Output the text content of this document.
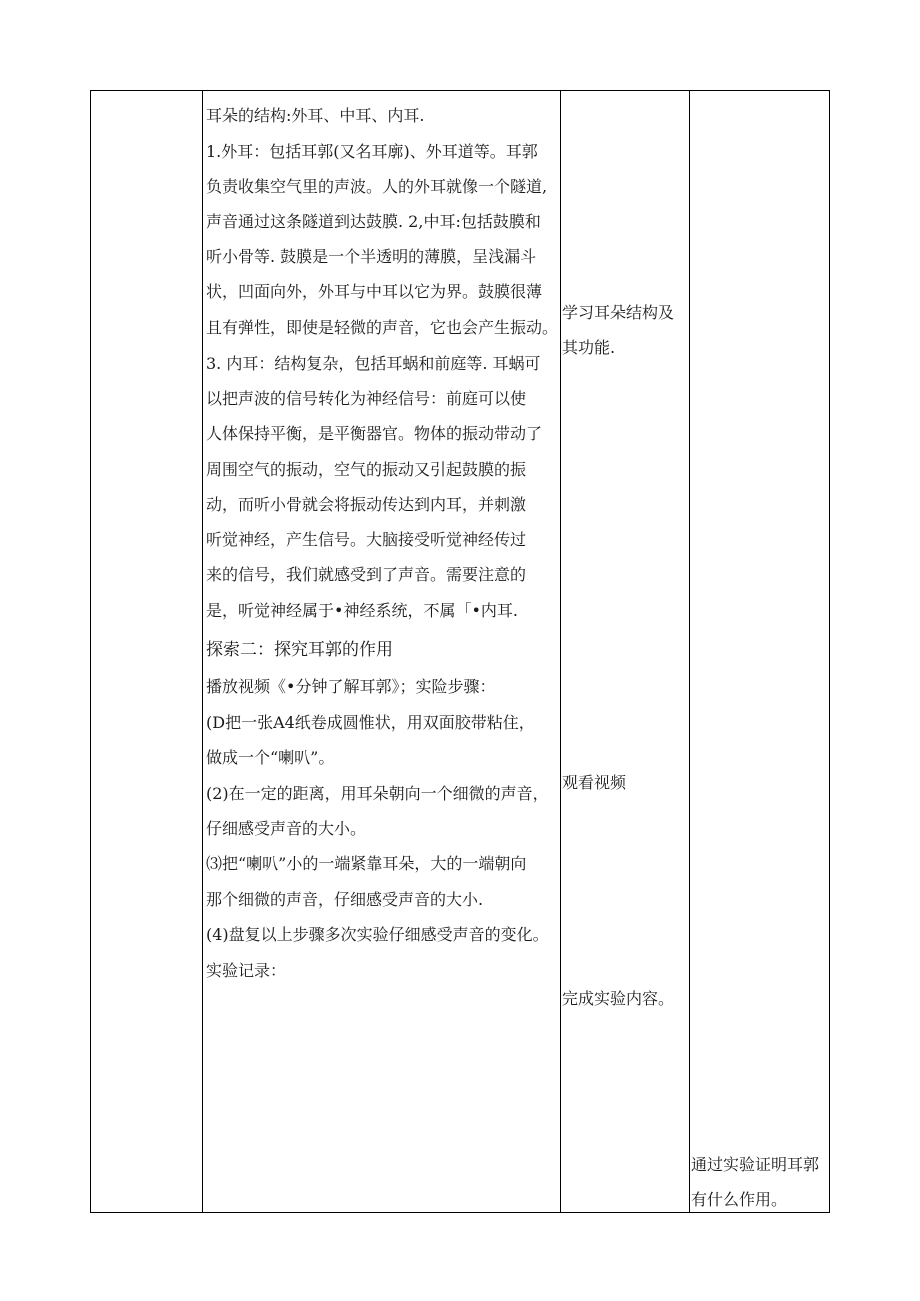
耳朵的结构:外耳、中耳、内耳.
1.外耳：包括耳郭(又名耳廓)、外耳道等。耳郭
负责收集空气里的声波。人的外耳就像一个隧道,
声音通过这条隧道到达鼓膜. 2,中耳:包括鼓膜和
听小骨等. 鼓膜是一个半透明的薄膜，呈浅漏斗
状，凹面向外，外耳与中耳以它为界。鼓膜很薄
且有弹性，即使是轻微的声音，它也会产生振动。
3. 内耳：结构复杂，包括耳蜗和前庭等. 耳蜗可
以把声波的信号转化为神经信号：前庭可以使
人体保持平衡，是平衡器官。物体的振动带动了
周围空气的振动，空气的振动又引起鼓膜的振
动，而听小骨就会将振动传达到内耳，并刺激
听觉神经，产生信号。大脑接受听觉神经传过
来的信号，我们就感受到了声音。需要注意的
是，听觉神经属于•神经系统，不属「•内耳.
探索二：探究耳郭的作用
播放视频《•分钟了解耳郭》；实险步骤：
(D把一张A4纸卷成圆惟状，用双面胶带粘住，
做成一个“喇叭”。
(2)在一定的距离，用耳朵朝向一个细微的声音，
仔细感受声音的大小。
⑶把“喇叭”小的一端紧靠耳朵，大的一端朝向
那个细微的声音，仔细感受声音的大小.
(4)盘复以上步骤多次实验仔细感受声音的变化。
实验记录：
学习耳朵结构及
其功能.
观看视频
完成实验内容。
通过实验证明耳郭
有什么作用。
